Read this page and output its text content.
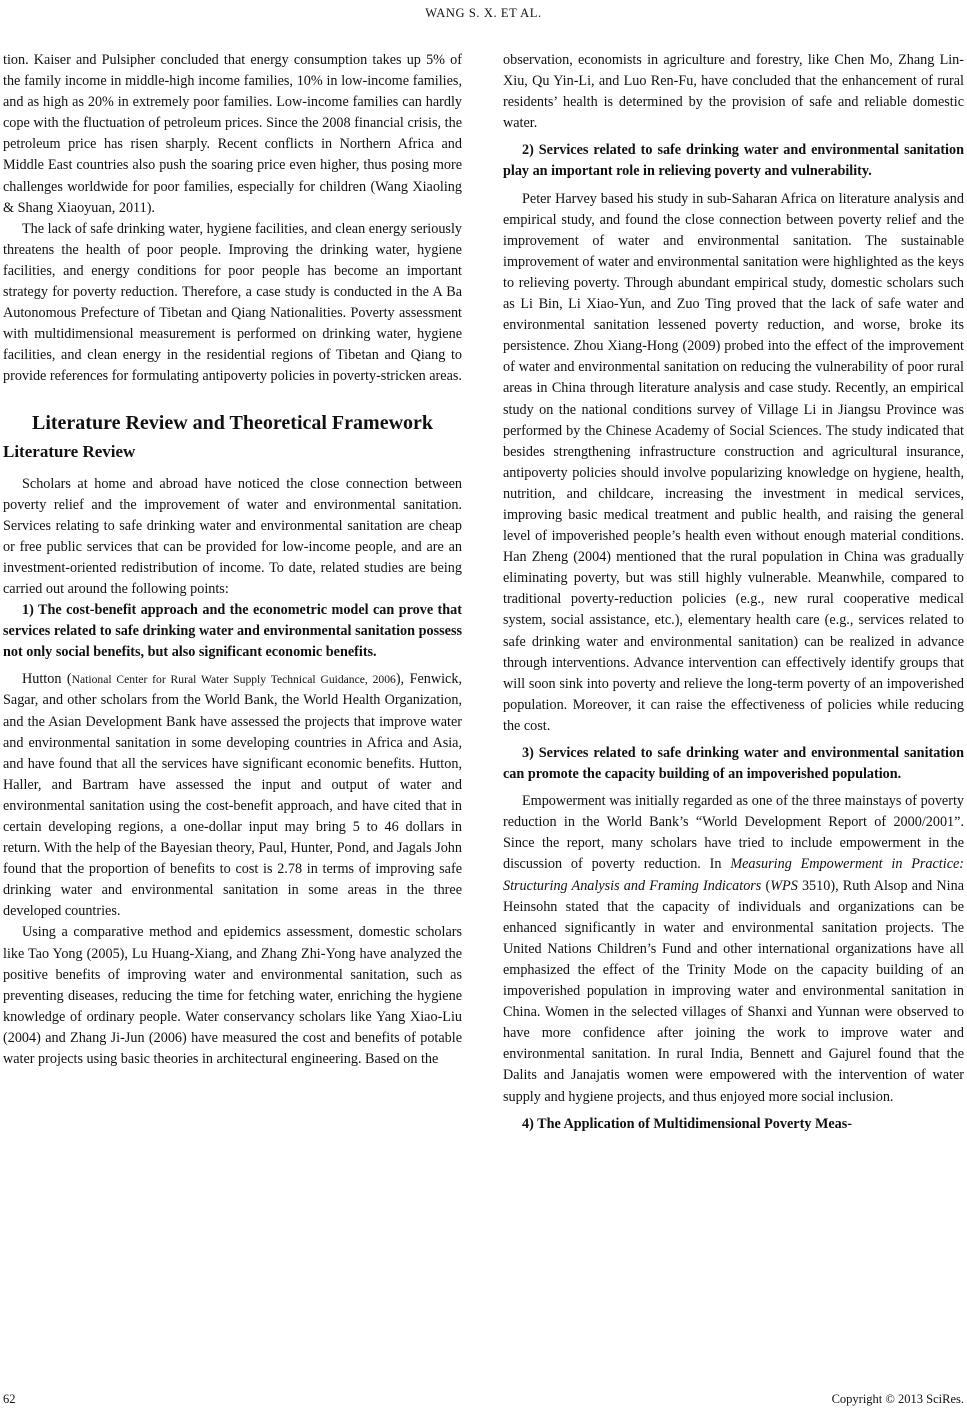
WANG S. X. ET AL.

tion. Kaiser and Pulsipher concluded that energy consumption takes up 5% of the family income in middle-high income families, 10% in low-income families, and as high as 20% in extremely poor families. Low-income families can hardly cope with the fluctuation of petroleum prices. Since the 2008 financial crisis, the petroleum price has risen sharply. Recent conflicts in Northern Africa and Middle East countries also push the soaring price even higher, thus posing more challenges worldwide for poor families, especially for children (Wang Xiaoling & Shang Xiaoyuan, 2011).

The lack of safe drinking water, hygiene facilities, and clean energy seriously threatens the health of poor people. Improving the drinking water, hygiene facilities, and energy conditions for poor people has become an important strategy for poverty reduction. Therefore, a case study is conducted in the A Ba Autonomous Prefecture of Tibetan and Qiang Nationalities. Poverty assessment with multidimensional measurement is performed on drinking water, hygiene facilities, and clean energy in the residential regions of Tibetan and Qiang to provide references for formulating antipoverty policies in poverty-stricken areas.

Literature Review and Theoretical Framework
Literature Review

Scholars at home and abroad have noticed the close connection between poverty relief and the improvement of water and environmental sanitation. Services relating to safe drinking water and environmental sanitation are cheap or free public services that can be provided for low-income people, and are an investment-oriented redistribution of income. To date, related studies are being carried out around the following points:

1) The cost-benefit approach and the econometric model can prove that services related to safe drinking water and environmental sanitation possess not only social benefits, but also significant economic benefits.

Hutton (National Center for Rural Water Supply Technical Guidance, 2006), Fenwick, Sagar, and other scholars from the World Bank, the World Health Organization, and the Asian Development Bank have assessed the projects that improve water and environmental sanitation in some developing countries in Africa and Asia, and have found that all the services have significant economic benefits. Hutton, Haller, and Bartram have assessed the input and output of water and environmental sanitation using the cost-benefit approach, and have cited that in certain developing regions, a one-dollar input may bring 5 to 46 dollars in return. With the help of the Bayesian theory, Paul, Hunter, Pond, and Jagals John found that the proportion of benefits to cost is 2.78 in terms of improving safe drinking water and environmental sanitation in some areas in the three developed countries.

Using a comparative method and epidemics assessment, domestic scholars like Tao Yong (2005), Lu Huang-Xiang, and Zhang Zhi-Yong have analyzed the positive benefits of improving water and environmental sanitation, such as preventing diseases, reducing the time for fetching water, enriching the hygiene knowledge of ordinary people. Water conservancy scholars like Yang Xiao-Liu (2004) and Zhang Ji-Jun (2006) have measured the cost and benefits of potable water projects using basic theories in architectural engineering. Based on the

observation, economists in agriculture and forestry, like Chen Mo, Zhang Lin-Xiu, Qu Yin-Li, and Luo Ren-Fu, have concluded that the enhancement of rural residents’ health is determined by the provision of safe and reliable domestic water.

2) Services related to safe drinking water and environmental sanitation play an important role in relieving poverty and vulnerability.

Peter Harvey based his study in sub-Saharan Africa on literature analysis and empirical study, and found the close connection between poverty relief and the improvement of water and environmental sanitation. The sustainable improvement of water and environmental sanitation were highlighted as the keys to relieving poverty. Through abundant empirical study, domestic scholars such as Li Bin, Li Xiao-Yun, and Zuo Ting proved that the lack of safe water and environmental sanitation lessened poverty reduction, and worse, broke its persistence. Zhou Xiang-Hong (2009) probed into the effect of the improvement of water and environmental sanitation on reducing the vulnerability of poor rural areas in China through literature analysis and case study. Recently, an empirical study on the national conditions survey of Village Li in Jiangsu Province was performed by the Chinese Academy of Social Sciences. The study indicated that besides strengthening infrastructure construction and agricultural insurance, antipoverty policies should involve popularizing knowledge on hygiene, health, nutrition, and childcare, increasing the investment in medical services, improving basic medical treatment and public health, and raising the general level of impoverished people’s health even without enough material conditions. Han Zheng (2004) mentioned that the rural population in China was gradually eliminating poverty, but was still highly vulnerable. Meanwhile, compared to traditional poverty-reduction policies (e.g., new rural cooperative medical system, social assistance, etc.), elementary health care (e.g., services related to safe drinking water and environmental sanitation) can be realized in advance through interventions. Advance intervention can effectively identify groups that will soon sink into poverty and relieve the long-term poverty of an impoverished population. Moreover, it can raise the effectiveness of policies while reducing the cost.

3) Services related to safe drinking water and environmental sanitation can promote the capacity building of an impoverished population.

Empowerment was initially regarded as one of the three mainstays of poverty reduction in the World Bank’s “World Development Report of 2000/2001”. Since the report, many scholars have tried to include empowerment in the discussion of poverty reduction. In Measuring Empowerment in Practice: Structuring Analysis and Framing Indicators (WPS 3510), Ruth Alsop and Nina Heinsohn stated that the capacity of individuals and organizations can be enhanced significantly in water and environmental sanitation projects. The United Nations Children’s Fund and other international organizations have all emphasized the effect of the Trinity Mode on the capacity building of an impoverished population in improving water and environmental sanitation in China. Women in the selected villages of Shanxi and Yunnan were observed to have more confidence after joining the work to improve water and environmental sanitation. In rural India, Bennett and Gajurel found that the Dalits and Janajatis women were empowered with the intervention of water supply and hygiene projects, and thus enjoyed more social inclusion.

4) The Application of Multidimensional Poverty Meas-

62	Copyright © 2013 SciRes.
